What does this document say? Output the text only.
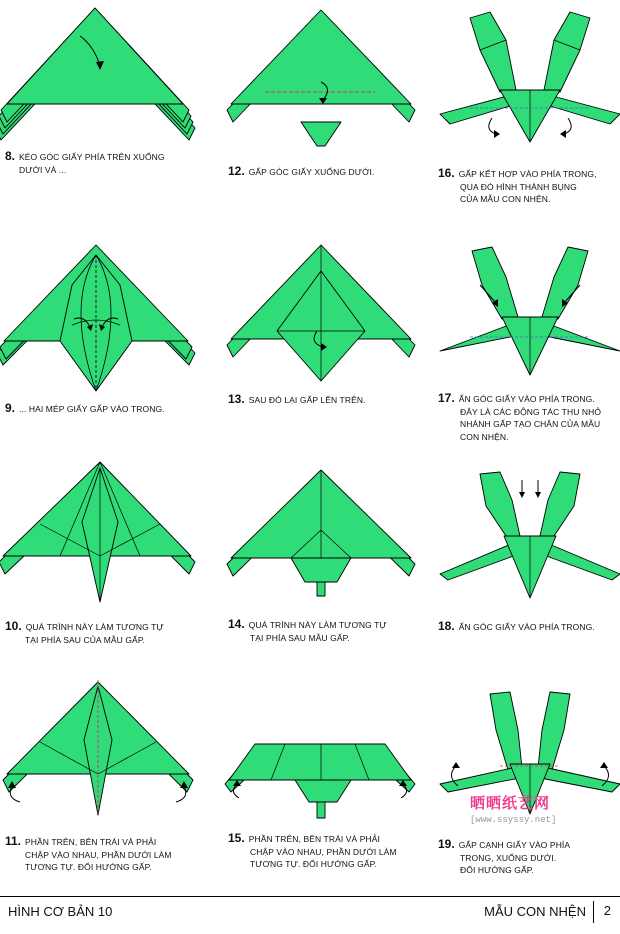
8. KÉO GÓC GIẤY PHÍA TRÊN XUỐNG
DƯỚI VÀ ...
9. ... HAI MÉP GIẤY GẤP VÀO TRONG.
10. QUÁ TRÌNH NÀY LÀM TƯƠNG TỰ
TẠI PHÍA SAU CỦA MẪU GẤP.
11. PHẦN TRÊN, BÊN TRÁI VÀ PHẢI
CHẬP VÀO NHAU, PHẦN DƯỚI LÀM
TƯƠNG TỰ. ĐỔI HƯỚNG GẤP.
12. GẤP GÓC GIẤY XUỐNG DƯỚI.
13. SAU ĐÓ LẠI GẤP LÊN TRÊN.
14. QUÁ TRÌNH NÀY LÀM TƯƠNG TỰ
TẠI PHÍA SAU MẪU GẤP.
15. PHẦN TRÊN, BÊN TRÁI VÀ PHẢI
CHẬP VÀO NHAU, PHẦN DƯỚI LÀM
TƯƠNG TỰ. ĐỔI HƯỚNG GẤP.
16. GẤP KẾT HỢP VÀO PHÍA TRONG,
QUA ĐÓ HÌNH THÀNH BỤNG
CỦA MẪU CON NHỆN.
17. ẤN GÓC GIẤY VÀO PHÍA TRONG.
ĐÂY LÀ CÁC ĐỘNG TÁC THU NHỎ
NHÁNH GẤP TẠO CHÂN CỦA MẪU
CON NHỆN.
18. ẤN GÓC GIẤY VÀO PHÍA TRONG.
19. GẤP CẠNH GIẤY VÀO PHÍA
TRONG, XUỐNG DƯỚI.
ĐỔI HƯỚNG GẤP.
晒晒纸艺网
[www.ssyssy.net]
HÌNH CƠ BẢN 10	MẪU CON NHỆN 2
